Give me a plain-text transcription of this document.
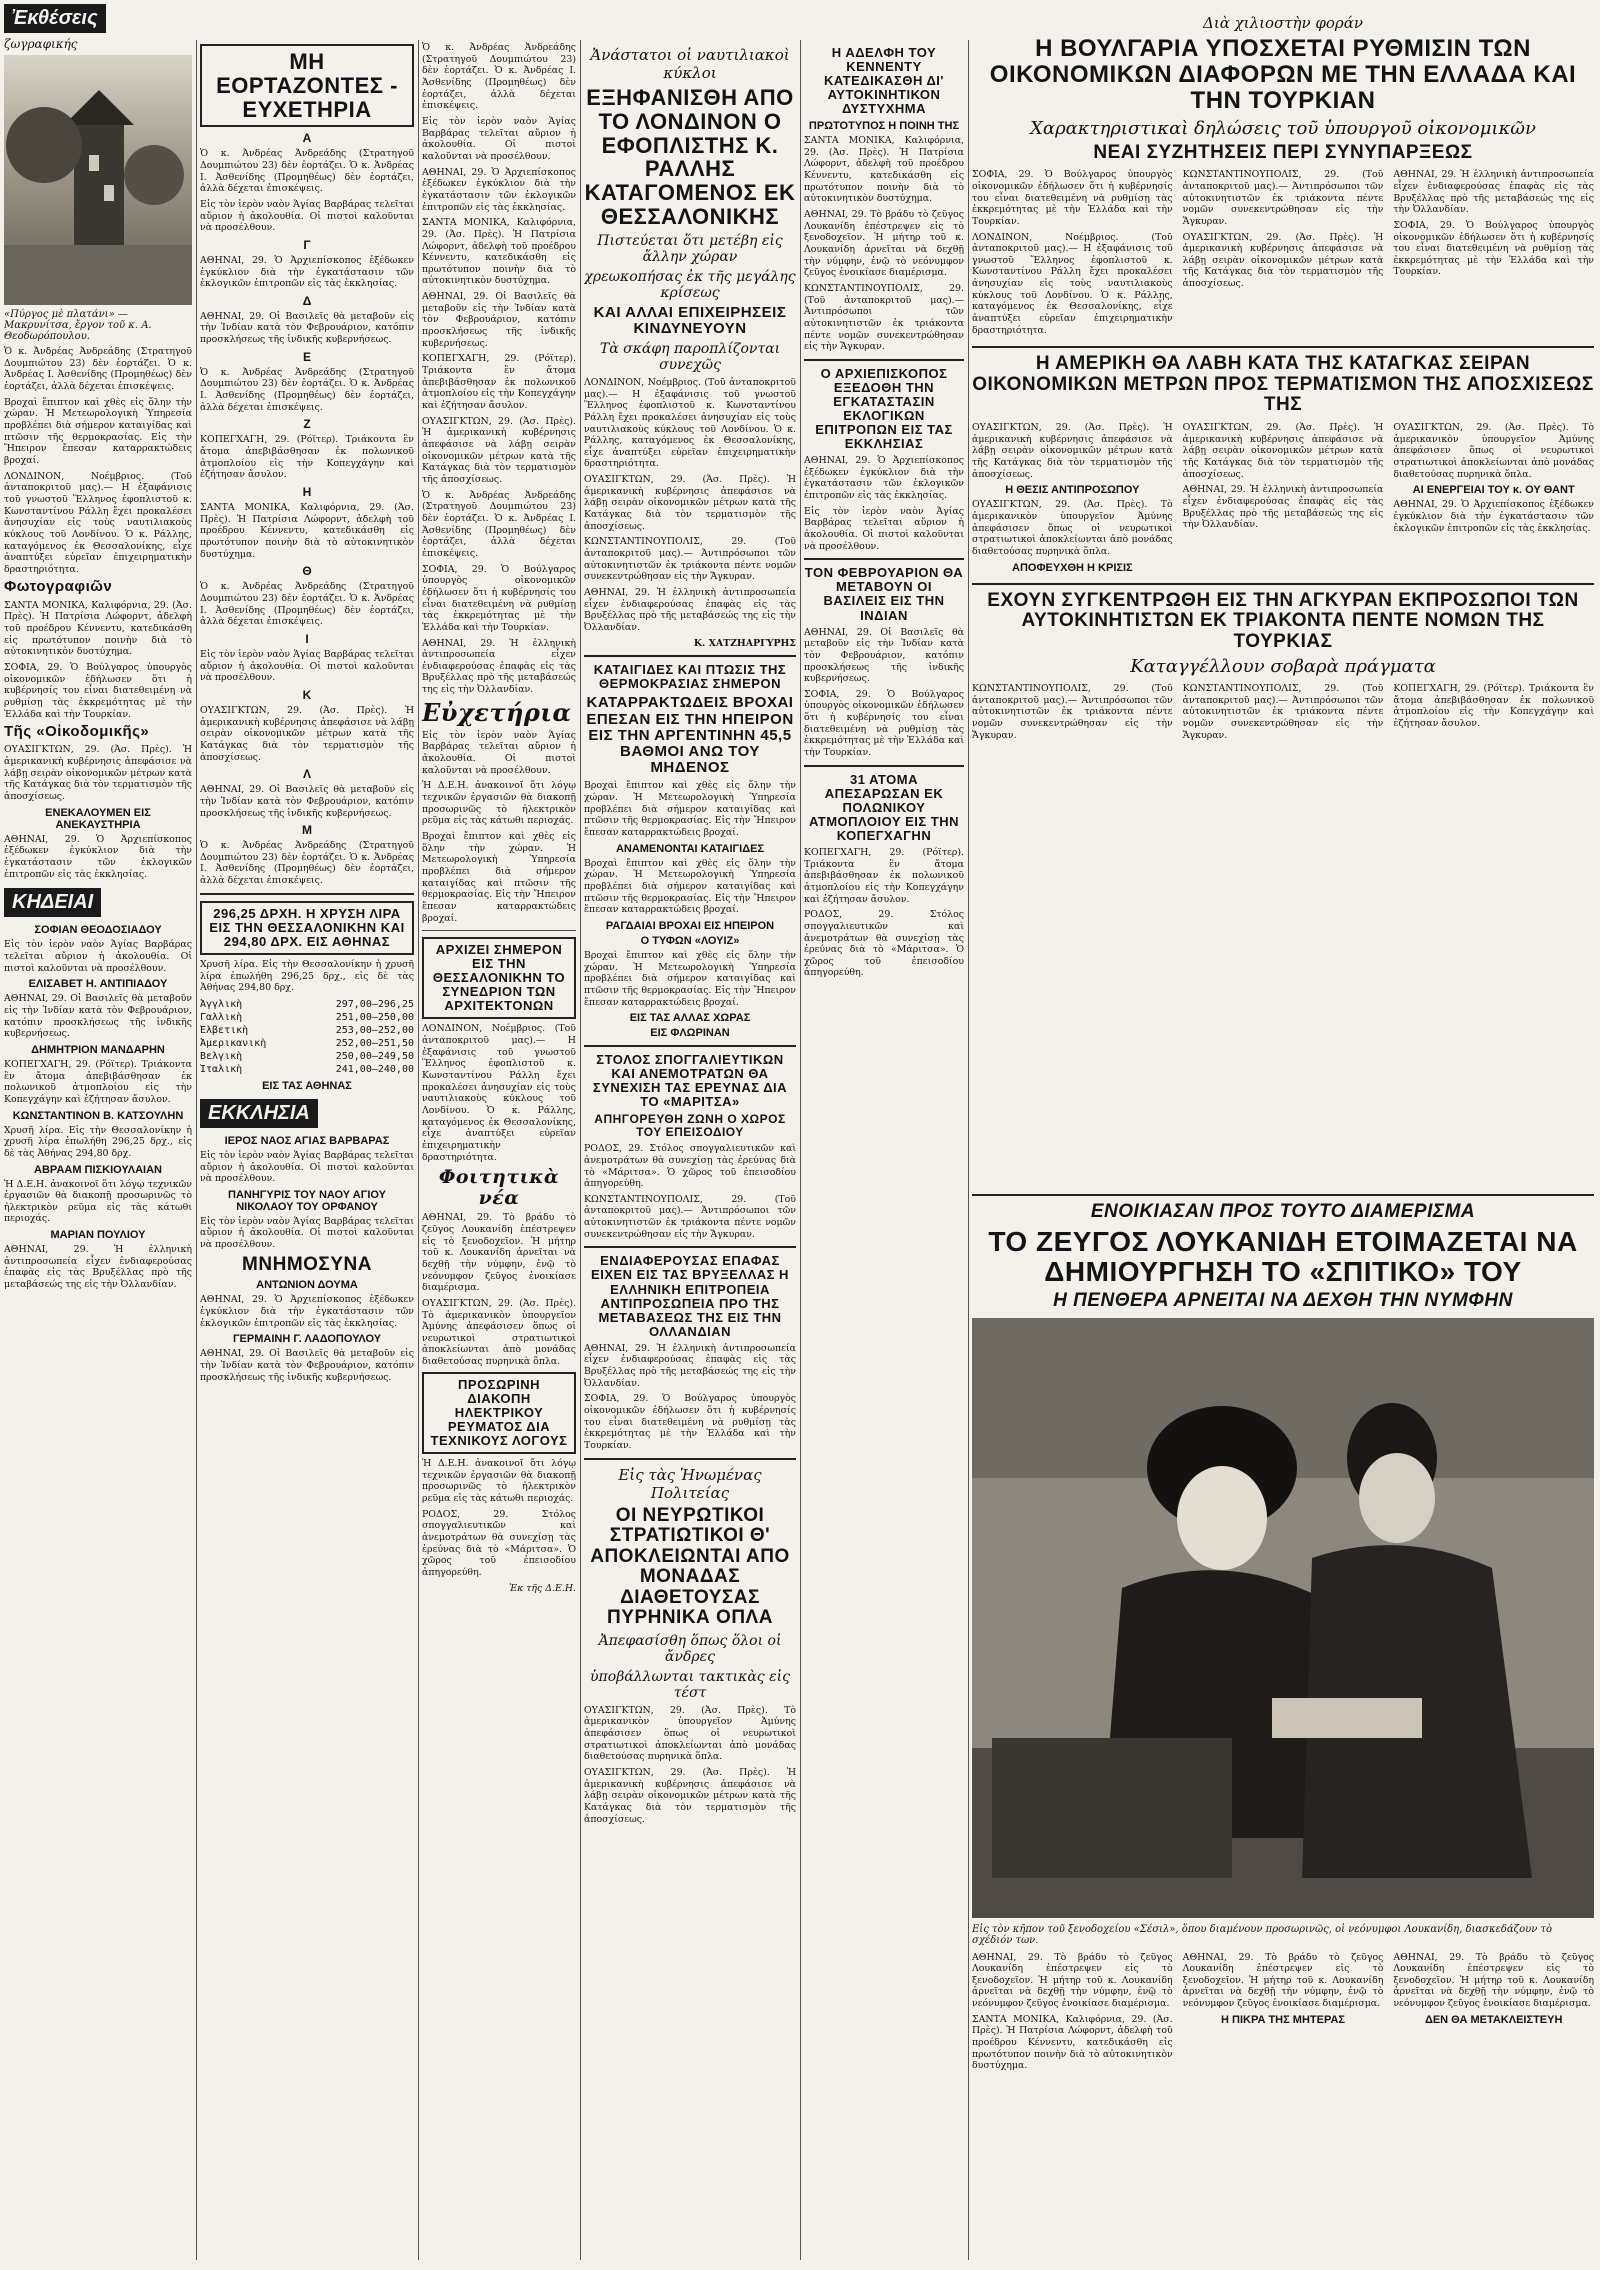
Ἐκθέσεις
ζωγραφικής
«Πύργος μὲ πλατάνι» — Μακρυνίτσα, ἔργον τοῦ κ. Α. Θεοδωρόπουλου.
Ὁ κ. Ἀνδρέας Ἀνδρεάδης (Στρατηγοῦ Δουμπιώτου 23) δὲν ἑορτάζει. Ὁ κ. Ἀνδρέας Ι. Ἀσθενίδης (Προμηθέως) δὲν ἑορτάζει, ἀλλὰ δέχεται ἐπισκέψεις.
Βροχαὶ ἔπιπτον καὶ χθὲς εἰς ὅλην τὴν χώραν. Ἡ Μετεωρολογικὴ Ὑπηρεσία προβλέπει διὰ σήμερον καταιγίδας καὶ πτῶσιν τῆς θερμοκρασίας. Εἰς τὴν Ἤπειρον ἔπεσαν καταρρακτώδεις βροχαί.
ΛΟΝΔΙΝΟΝ, Νοέμβριος. (Τοῦ ἀνταποκριτοῦ μας).— Η ἐξαφάνισις τοῦ γνωστοῦ Ἕλληνος ἐφοπλιστοῦ κ. Κωνσταντίνου Ράλλη ἔχει προκαλέσει ἀνησυχίαν εἰς τοὺς ναυτιλιακοὺς κύκλους τοῦ Λονδίνου. Ὁ κ. Ράλλης, καταγόμενος ἐκ Θεσσαλονίκης, εἶχε ἀναπτύξει εὐρεῖαν ἐπιχειρηματικὴν δραστηριότητα.
Φωτογραφιῶν
ΣΑΝΤΑ ΜΟΝΙΚΑ, Καλιφόρνια, 29. (Ἀσ. Πρὲς). Ἡ Πατρίσια Λώφορντ, ἀδελφὴ τοῦ προέδρου Κέννεντυ, κατεδικάσθη εἰς πρωτότυπον ποινὴν διὰ τὸ αὐτοκινητικὸν δυστύχημα.
ΣΟΦΙΑ, 29. Ὁ Βούλγαρος ὑπουργὸς οἰκονομικῶν ἐδήλωσεν ὅτι ἡ κυβέρνησίς του εἶναι διατεθειμένη νὰ ρυθμίσῃ τὰς ἐκκρεμότητας μὲ τὴν Ἑλλάδα καὶ τὴν Τουρκίαν.
Τῆς «Οἰκοδομικῆς»
ΟΥΑΣΙΓΚΤΩΝ, 29. (Ἀσ. Πρὲς). Ἡ ἀμερικανικὴ κυβέρνησις ἀπεφάσισε νὰ λάβῃ σειρὰν οἰκονομικῶν μέτρων κατὰ τῆς Κατάγκας διὰ τὸν τερματισμὸν τῆς ἀποσχίσεως.
ΕΝΕΚΑΛΟΥΜΕΝ ΕΙΣ ΑΝΕΚΑΥΣΤΗΡΙΑ
ΑΘΗΝΑΙ, 29. Ὁ Ἀρχιεπίσκοπος ἐξέδωκεν ἐγκύκλιον διὰ τὴν ἐγκατάστασιν τῶν ἐκλογικῶν ἐπιτροπῶν εἰς τὰς ἐκκλησίας.
ΚΗΔΕΙΑΙ
ΣΟΦΙΑΝ ΘΕΟΔΟΣΙΑΔΟΥ
Εἰς τὸν ἱερὸν ναὸν Ἁγίας Βαρβάρας τελεῖται αὔριον ἡ ἀκολουθία. Οἱ πιστοὶ καλοῦνται νὰ προσέλθουν.
ΕΛΙΣΑΒΕΤ Η. ΑΝΤΙΠΙΑΔΟΥ
ΑΘΗΝΑΙ, 29. Οἱ Βασιλεῖς θὰ μεταβοῦν εἰς τὴν Ἰνδίαν κατὰ τὸν Φεβρουάριον, κατόπιν προσκλήσεως τῆς ἰνδικῆς κυβερνήσεως.
ΔΗΜΗΤΡΙΟΝ ΜΑΝΔΑΡΗΝ
ΚΟΠΕΓΧΑΓΗ, 29. (Ρόϊτερ). Τριάκοντα ἓν ἄτομα ἀπεβιβάσθησαν ἐκ πολωνικοῦ ἀτμοπλοίου εἰς τὴν Κοπεγχάγην καὶ ἐζήτησαν ἄσυλον.
ΚΩΝΣΤΑΝΤΙΝΟΝ Β. ΚΑΤΣΟΥΛΗΝ
Χρυσῆ λίρα. Εἰς τὴν Θεσσαλονίκην ἡ χρυσῆ λίρα ἐπωλήθη 296,25 δρχ., εἰς δὲ τὰς Ἀθήνας 294,80 δρχ.
ΑΒΡΑΑΜ ΠΙΣΚΙΟΥΛΑΙΑΝ
Ἡ Δ.Ε.Η. ἀνακοινοῖ ὅτι λόγῳ τεχνικῶν ἐργασιῶν θὰ διακοπῇ προσωρινῶς τὸ ἠλεκτρικὸν ρεῦμα εἰς τὰς κάτωθι περιοχάς.
ΜΑΡΙΑΝ ΠΟΥΛΙΟΥ
ΑΘΗΝΑΙ, 29. Ἡ ἑλληνικὴ ἀντιπροσωπεία εἶχεν ἐνδιαφερούσας ἐπαφὰς εἰς τὰς Βρυξέλλας πρὸ τῆς μεταβάσεώς της εἰς τὴν Ὀλλανδίαν.
ΜΗ ΕΟΡΤΑΖΟΝΤΕΣ - ΕΥΧΕΤΗΡΙΑ
Α
Ὁ κ. Ἀνδρέας Ἀνδρεάδης (Στρατηγοῦ Δουμπιώτου 23) δὲν ἑορτάζει. Ὁ κ. Ἀνδρέας Ι. Ἀσθενίδης (Προμηθέως) δὲν ἑορτάζει, ἀλλὰ δέχεται ἐπισκέψεις.
Εἰς τὸν ἱερὸν ναὸν Ἁγίας Βαρβάρας τελεῖται αὔριον ἡ ἀκολουθία. Οἱ πιστοὶ καλοῦνται νὰ προσέλθουν.
Γ
ΑΘΗΝΑΙ, 29. Ὁ Ἀρχιεπίσκοπος ἐξέδωκεν ἐγκύκλιον διὰ τὴν ἐγκατάστασιν τῶν ἐκλογικῶν ἐπιτροπῶν εἰς τὰς ἐκκλησίας.
Δ
ΑΘΗΝΑΙ, 29. Οἱ Βασιλεῖς θὰ μεταβοῦν εἰς τὴν Ἰνδίαν κατὰ τὸν Φεβρουάριον, κατόπιν προσκλήσεως τῆς ἰνδικῆς κυβερνήσεως.
Ε
Ὁ κ. Ἀνδρέας Ἀνδρεάδης (Στρατηγοῦ Δουμπιώτου 23) δὲν ἑορτάζει. Ὁ κ. Ἀνδρέας Ι. Ἀσθενίδης (Προμηθέως) δὲν ἑορτάζει, ἀλλὰ δέχεται ἐπισκέψεις.
Ζ
ΚΟΠΕΓΧΑΓΗ, 29. (Ρόϊτερ). Τριάκοντα ἓν ἄτομα ἀπεβιβάσθησαν ἐκ πολωνικοῦ ἀτμοπλοίου εἰς τὴν Κοπεγχάγην καὶ ἐζήτησαν ἄσυλον.
Η
ΣΑΝΤΑ ΜΟΝΙΚΑ, Καλιφόρνια, 29. (Ἀσ. Πρὲς). Ἡ Πατρίσια Λώφορντ, ἀδελφὴ τοῦ προέδρου Κέννεντυ, κατεδικάσθη εἰς πρωτότυπον ποινὴν διὰ τὸ αὐτοκινητικὸν δυστύχημα.
Θ
Ὁ κ. Ἀνδρέας Ἀνδρεάδης (Στρατηγοῦ Δουμπιώτου 23) δὲν ἑορτάζει. Ὁ κ. Ἀνδρέας Ι. Ἀσθενίδης (Προμηθέως) δὲν ἑορτάζει, ἀλλὰ δέχεται ἐπισκέψεις.
Ι
Εἰς τὸν ἱερὸν ναὸν Ἁγίας Βαρβάρας τελεῖται αὔριον ἡ ἀκολουθία. Οἱ πιστοὶ καλοῦνται νὰ προσέλθουν.
Κ
ΟΥΑΣΙΓΚΤΩΝ, 29. (Ἀσ. Πρὲς). Ἡ ἀμερικανικὴ κυβέρνησις ἀπεφάσισε νὰ λάβῃ σειρὰν οἰκονομικῶν μέτρων κατὰ τῆς Κατάγκας διὰ τὸν τερματισμὸν τῆς ἀποσχίσεως.
Λ
ΑΘΗΝΑΙ, 29. Οἱ Βασιλεῖς θὰ μεταβοῦν εἰς τὴν Ἰνδίαν κατὰ τὸν Φεβρουάριον, κατόπιν προσκλήσεως τῆς ἰνδικῆς κυβερνήσεως.
Μ
Ὁ κ. Ἀνδρέας Ἀνδρεάδης (Στρατηγοῦ Δουμπιώτου 23) δὲν ἑορτάζει. Ὁ κ. Ἀνδρέας Ι. Ἀσθενίδης (Προμηθέως) δὲν ἑορτάζει, ἀλλὰ δέχεται ἐπισκέψεις.
296,25 ΔΡΧΗ. Η ΧΡΥΣΗ ΛΙΡΑ ΕΙΣ ΤΗΝ ΘΕΣΣΑΛΟΝΙΚΗΝ ΚΑΙ 294,80 ΔΡΧ. ΕΙΣ ΑΘΗΝΑΣ
Χρυσῆ λίρα. Εἰς τὴν Θεσσαλονίκην ἡ χρυσῆ λίρα ἐπωλήθη 296,25 δρχ., εἰς δὲ τὰς Ἀθήνας 294,80 δρχ.
Ἀγγλικὴ	297,00—296,25
Γαλλικὴ	251,00—250,00
Ἑλβετικὴ	253,00—252,00
Ἀμερικανικὴ	252,00—251,50
Βελγικὴ	250,00—249,50
Ἰταλικὴ	241,00—240,00
ΕΙΣ ΤΑΣ ΑΘΗΝΑΣ
ΕΚΚΛΗΣΙΑ
ΙΕΡΟΣ ΝΑΟΣ ΑΓΙΑΣ ΒΑΡΒΑΡΑΣ
Εἰς τὸν ἱερὸν ναὸν Ἁγίας Βαρβάρας τελεῖται αὔριον ἡ ἀκολουθία. Οἱ πιστοὶ καλοῦνται νὰ προσέλθουν.
ΠΑΝΗΓΥΡΙΣ ΤΟΥ ΝΑΟΥ ΑΓΙΟΥ ΝΙΚΟΛΑΟΥ ΤΟΥ ΟΡΦΑΝΟΥ
Εἰς τὸν ἱερὸν ναὸν Ἁγίας Βαρβάρας τελεῖται αὔριον ἡ ἀκολουθία. Οἱ πιστοὶ καλοῦνται νὰ προσέλθουν.
ΜΝΗΜΟΣΥΝΑ
ΑΝΤΩΝΙΟΝ ΔΟΥΜΑ
ΑΘΗΝΑΙ, 29. Ὁ Ἀρχιεπίσκοπος ἐξέδωκεν ἐγκύκλιον διὰ τὴν ἐγκατάστασιν τῶν ἐκλογικῶν ἐπιτροπῶν εἰς τὰς ἐκκλησίας.
ΓΕΡΜΑΙΝΗ Γ. ΛΑΔΟΠΟΥΛΟΥ
ΑΘΗΝΑΙ, 29. Οἱ Βασιλεῖς θὰ μεταβοῦν εἰς τὴν Ἰνδίαν κατὰ τὸν Φεβρουάριον, κατόπιν προσκλήσεως τῆς ἰνδικῆς κυβερνήσεως.
Ὁ κ. Ἀνδρέας Ἀνδρεάδης (Στρατηγοῦ Δουμπιώτου 23) δὲν ἑορτάζει. Ὁ κ. Ἀνδρέας Ι. Ἀσθενίδης (Προμηθέως) δὲν ἑορτάζει, ἀλλὰ δέχεται ἐπισκέψεις.
Εἰς τὸν ἱερὸν ναὸν Ἁγίας Βαρβάρας τελεῖται αὔριον ἡ ἀκολουθία. Οἱ πιστοὶ καλοῦνται νὰ προσέλθουν.
ΑΘΗΝΑΙ, 29. Ὁ Ἀρχιεπίσκοπος ἐξέδωκεν ἐγκύκλιον διὰ τὴν ἐγκατάστασιν τῶν ἐκλογικῶν ἐπιτροπῶν εἰς τὰς ἐκκλησίας.
ΣΑΝΤΑ ΜΟΝΙΚΑ, Καλιφόρνια, 29. (Ἀσ. Πρὲς). Ἡ Πατρίσια Λώφορντ, ἀδελφὴ τοῦ προέδρου Κέννεντυ, κατεδικάσθη εἰς πρωτότυπον ποινὴν διὰ τὸ αὐτοκινητικὸν δυστύχημα.
ΑΘΗΝΑΙ, 29. Οἱ Βασιλεῖς θὰ μεταβοῦν εἰς τὴν Ἰνδίαν κατὰ τὸν Φεβρουάριον, κατόπιν προσκλήσεως τῆς ἰνδικῆς κυβερνήσεως.
ΚΟΠΕΓΧΑΓΗ, 29. (Ρόϊτερ). Τριάκοντα ἓν ἄτομα ἀπεβιβάσθησαν ἐκ πολωνικοῦ ἀτμοπλοίου εἰς τὴν Κοπεγχάγην καὶ ἐζήτησαν ἄσυλον.
ΟΥΑΣΙΓΚΤΩΝ, 29. (Ἀσ. Πρὲς). Ἡ ἀμερικανικὴ κυβέρνησις ἀπεφάσισε νὰ λάβῃ σειρὰν οἰκονομικῶν μέτρων κατὰ τῆς Κατάγκας διὰ τὸν τερματισμὸν τῆς ἀποσχίσεως.
Ὁ κ. Ἀνδρέας Ἀνδρεάδης (Στρατηγοῦ Δουμπιώτου 23) δὲν ἑορτάζει. Ὁ κ. Ἀνδρέας Ι. Ἀσθενίδης (Προμηθέως) δὲν ἑορτάζει, ἀλλὰ δέχεται ἐπισκέψεις.
ΣΟΦΙΑ, 29. Ὁ Βούλγαρος ὑπουργὸς οἰκονομικῶν ἐδήλωσεν ὅτι ἡ κυβέρνησίς του εἶναι διατεθειμένη νὰ ρυθμίσῃ τὰς ἐκκρεμότητας μὲ τὴν Ἑλλάδα καὶ τὴν Τουρκίαν.
ΑΘΗΝΑΙ, 29. Ἡ ἑλληνικὴ ἀντιπροσωπεία εἶχεν ἐνδιαφερούσας ἐπαφὰς εἰς τὰς Βρυξέλλας πρὸ τῆς μεταβάσεώς της εἰς τὴν Ὀλλανδίαν.
Εὐχετήρια
Εἰς τὸν ἱερὸν ναὸν Ἁγίας Βαρβάρας τελεῖται αὔριον ἡ ἀκολουθία. Οἱ πιστοὶ καλοῦνται νὰ προσέλθουν.
Ἡ Δ.Ε.Η. ἀνακοινοῖ ὅτι λόγῳ τεχνικῶν ἐργασιῶν θὰ διακοπῇ προσωρινῶς τὸ ἠλεκτρικὸν ρεῦμα εἰς τὰς κάτωθι περιοχάς.
Βροχαὶ ἔπιπτον καὶ χθὲς εἰς ὅλην τὴν χώραν. Ἡ Μετεωρολογικὴ Ὑπηρεσία προβλέπει διὰ σήμερον καταιγίδας καὶ πτῶσιν τῆς θερμοκρασίας. Εἰς τὴν Ἤπειρον ἔπεσαν καταρρακτώδεις βροχαί.
ΑΡΧΙΖΕΙ ΣΗΜΕΡΟΝ ΕΙΣ ΤΗΝ ΘΕΣΣΑΛΟΝΙΚΗΝ ΤΟ ΣΥΝΕΔΡΙΟΝ ΤΩΝ ΑΡΧΙΤΕΚΤΟΝΩΝ
ΛΟΝΔΙΝΟΝ, Νοέμβριος. (Τοῦ ἀνταποκριτοῦ μας).— Η ἐξαφάνισις τοῦ γνωστοῦ Ἕλληνος ἐφοπλιστοῦ κ. Κωνσταντίνου Ράλλη ἔχει προκαλέσει ἀνησυχίαν εἰς τοὺς ναυτιλιακοὺς κύκλους τοῦ Λονδίνου. Ὁ κ. Ράλλης, καταγόμενος ἐκ Θεσσαλονίκης, εἶχε ἀναπτύξει εὐρεῖαν ἐπιχειρηματικὴν δραστηριότητα.
Φοιτητικὰ νέα
ΑΘΗΝΑΙ, 29. Τὸ βράδυ τὸ ζεῦγος Λουκανίδη ἐπέστρεψεν εἰς τὸ ξενοδοχεῖον. Ἡ μήτηρ τοῦ κ. Λουκανίδη ἀρνεῖται νὰ δεχθῇ τὴν νύμφην, ἐνῷ τὸ νεόνυμφον ζεῦγος ἐνοικίασε διαμέρισμα.
ΟΥΑΣΙΓΚΤΩΝ, 29. (Ἀσ. Πρὲς). Τὸ ἀμερικανικὸν ὑπουργεῖον Ἀμύνης ἀπεφάσισεν ὅπως οἱ νευρωτικοὶ στρατιωτικοὶ ἀποκλείωνται ἀπὸ μονάδας διαθετούσας πυρηνικὰ ὅπλα.
ΠΡΟΣΩΡΙΝΗ ΔΙΑΚΟΠΗ ΗΛΕΚΤΡΙΚΟΥ ΡΕΥΜΑΤΟΣ ΔΙΑ ΤΕΧΝΙΚΟΥΣ ΛΟΓΟΥΣ
Ἡ Δ.Ε.Η. ἀνακοινοῖ ὅτι λόγῳ τεχνικῶν ἐργασιῶν θὰ διακοπῇ προσωρινῶς τὸ ἠλεκτρικὸν ρεῦμα εἰς τὰς κάτωθι περιοχάς.
ΡΟΔΟΣ, 29. Στόλος σπογγαλιευτικῶν καὶ ἀνεμοτράτων θὰ συνεχίσῃ τὰς ἐρεύνας διὰ τὸ «Μάριτσα». Ὁ χῶρος τοῦ ἐπεισοδίου ἀπηγορεύθη.
Ἐκ τῆς Δ.Ε.Η.
Ἀνάστατοι οἱ ναυτιλιακοὶ κύκλοι
ΕΞΗΦΑΝΙΣΘΗ ΑΠΟ ΤΟ ΛΟΝΔΙΝΟΝ Ο ΕΦΟΠΛΙΣΤΗΣ Κ. ΡΑΛΛΗΣ ΚΑΤΑΓΟΜΕΝΟΣ ΕΚ ΘΕΣΣΑΛΟΝΙΚΗΣ
Πιστεύεται ὅτι μετέβη εἰς ἄλλην χώραν
χρεωκοπήσας ἐκ τῆς μεγάλης κρίσεως
ΚΑΙ ΑΛΛΑΙ ΕΠΙΧΕΙΡΗΣΕΙΣ ΚΙΝΔΥΝΕΥΟΥΝ
Τὰ σκάφη παροπλίζονται συνεχῶς
ΛΟΝΔΙΝΟΝ, Νοέμβριος. (Τοῦ ἀνταποκριτοῦ μας).— Η ἐξαφάνισις τοῦ γνωστοῦ Ἕλληνος ἐφοπλιστοῦ κ. Κωνσταντίνου Ράλλη ἔχει προκαλέσει ἀνησυχίαν εἰς τοὺς ναυτιλιακοὺς κύκλους τοῦ Λονδίνου. Ὁ κ. Ράλλης, καταγόμενος ἐκ Θεσσαλονίκης, εἶχε ἀναπτύξει εὐρεῖαν ἐπιχειρηματικὴν δραστηριότητα.
ΟΥΑΣΙΓΚΤΩΝ, 29. (Ἀσ. Πρὲς). Ἡ ἀμερικανικὴ κυβέρνησις ἀπεφάσισε νὰ λάβῃ σειρὰν οἰκονομικῶν μέτρων κατὰ τῆς Κατάγκας διὰ τὸν τερματισμὸν τῆς ἀποσχίσεως.
ΚΩΝΣΤΑΝΤΙΝΟΥΠΟΛΙΣ, 29. (Τοῦ ἀνταποκριτοῦ μας).— Ἀντιπρόσωποι τῶν αὐτοκινητιστῶν ἐκ τριάκοντα πέντε νομῶν συνεκεντρώθησαν εἰς τὴν Ἄγκυραν.
ΑΘΗΝΑΙ, 29. Ἡ ἑλληνικὴ ἀντιπροσωπεία εἶχεν ἐνδιαφερούσας ἐπαφὰς εἰς τὰς Βρυξέλλας πρὸ τῆς μεταβάσεώς της εἰς τὴν Ὀλλανδίαν.
Κ. ΧΑΤΖΗΑΡΓΥΡΗΣ
ΚΑΤΑΙΓΙΔΕΣ ΚΑΙ ΠΤΩΣΙΣ ΤΗΣ ΘΕΡΜΟΚΡΑΣΙΑΣ ΣΗΜΕΡΟΝ
ΚΑΤΑΡΡΑΚΤΩΔΕΙΣ ΒΡΟΧΑΙ ΕΠΕΣΑΝ ΕΙΣ ΤΗΝ ΗΠΕΙΡΟΝ ΕΙΣ ΤΗΝ ΑΡΓΕΝΤΙΝΗΝ 45,5 ΒΑΘΜΟΙ ΑΝΩ ΤΟΥ ΜΗΔΕΝΟΣ
Βροχαὶ ἔπιπτον καὶ χθὲς εἰς ὅλην τὴν χώραν. Ἡ Μετεωρολογικὴ Ὑπηρεσία προβλέπει διὰ σήμερον καταιγίδας καὶ πτῶσιν τῆς θερμοκρασίας. Εἰς τὴν Ἤπειρον ἔπεσαν καταρρακτώδεις βροχαί.
ΑΝΑΜΕΝΟΝΤΑΙ ΚΑΤΑΙΓΙΔΕΣ
Βροχαὶ ἔπιπτον καὶ χθὲς εἰς ὅλην τὴν χώραν. Ἡ Μετεωρολογικὴ Ὑπηρεσία προβλέπει διὰ σήμερον καταιγίδας καὶ πτῶσιν τῆς θερμοκρασίας. Εἰς τὴν Ἤπειρον ἔπεσαν καταρρακτώδεις βροχαί.
ΡΑΓΔΑΙΑΙ ΒΡΟΧΑΙ ΕΙΣ ΗΠΕΙΡΟΝ
Ο ΤΥΦΩΝ «ΛΟΥΙΖ»
Βροχαὶ ἔπιπτον καὶ χθὲς εἰς ὅλην τὴν χώραν. Ἡ Μετεωρολογικὴ Ὑπηρεσία προβλέπει διὰ σήμερον καταιγίδας καὶ πτῶσιν τῆς θερμοκρασίας. Εἰς τὴν Ἤπειρον ἔπεσαν καταρρακτώδεις βροχαί.
ΕΙΣ ΤΑΣ ΑΛΛΑΣ ΧΩΡΑΣ
ΕΙΣ ΦΛΩΡΙΝΑΝ
ΣΤΟΛΟΣ ΣΠΟΓΓΑΛΙΕΥΤΙΚΩΝ ΚΑΙ ΑΝΕΜΟΤΡΑΤΩΝ ΘΑ ΣΥΝΕΧΙΣΗ ΤΑΣ ΕΡΕΥΝΑΣ ΔΙΑ ΤΟ «ΜΑΡΙΤΣΑ»
ΑΠΗΓΟΡΕΥΘΗ ΖΩΝΗ Ο ΧΩΡΟΣ ΤΟΥ ΕΠΕΙΣΟΔΙΟΥ
ΡΟΔΟΣ, 29. Στόλος σπογγαλιευτικῶν καὶ ἀνεμοτράτων θὰ συνεχίσῃ τὰς ἐρεύνας διὰ τὸ «Μάριτσα». Ὁ χῶρος τοῦ ἐπεισοδίου ἀπηγορεύθη.
ΚΩΝΣΤΑΝΤΙΝΟΥΠΟΛΙΣ, 29. (Τοῦ ἀνταποκριτοῦ μας).— Ἀντιπρόσωποι τῶν αὐτοκινητιστῶν ἐκ τριάκοντα πέντε νομῶν συνεκεντρώθησαν εἰς τὴν Ἄγκυραν.
ΕΝΔΙΑΦΕΡΟΥΣΑΣ ΕΠΑΦΑΣ ΕΙΧΕΝ ΕΙΣ ΤΑΣ ΒΡΥΞΕΛΛΑΣ Η ΕΛΛΗΝΙΚΗ ΕΠΙΤΡΟΠΕΙΑ ΑΝΤΙΠΡΟΣΩΠΕΙΑ ΠΡΟ ΤΗΣ ΜΕΤΑΒΑΣΕΩΣ ΤΗΣ ΕΙΣ ΤΗΝ ΟΛΛΑΝΔΙΑΝ
ΑΘΗΝΑΙ, 29. Ἡ ἑλληνικὴ ἀντιπροσωπεία εἶχεν ἐνδιαφερούσας ἐπαφὰς εἰς τὰς Βρυξέλλας πρὸ τῆς μεταβάσεώς της εἰς τὴν Ὀλλανδίαν.
ΣΟΦΙΑ, 29. Ὁ Βούλγαρος ὑπουργὸς οἰκονομικῶν ἐδήλωσεν ὅτι ἡ κυβέρνησίς του εἶναι διατεθειμένη νὰ ρυθμίσῃ τὰς ἐκκρεμότητας μὲ τὴν Ἑλλάδα καὶ τὴν Τουρκίαν.
Εἰς τὰς Ἡνωμένας Πολιτείας
ΟΙ ΝΕΥΡΩΤΙΚΟΙ ΣΤΡΑΤΙΩΤΙΚΟΙ Θ' ΑΠΟΚΛΕΙΩΝΤΑΙ ΑΠΟ ΜΟΝΑΔΑΣ ΔΙΑΘΕΤΟΥΣΑΣ ΠΥΡΗΝΙΚΑ ΟΠΛΑ
Ἀπεφασίσθη ὅπως ὅλοι οἱ ἄνδρες
ὑποβάλλωνται τακτικὰς εἰς τέστ
ΟΥΑΣΙΓΚΤΩΝ, 29. (Ἀσ. Πρὲς). Τὸ ἀμερικανικὸν ὑπουργεῖον Ἀμύνης ἀπεφάσισεν ὅπως οἱ νευρωτικοὶ στρατιωτικοὶ ἀποκλείωνται ἀπὸ μονάδας διαθετούσας πυρηνικὰ ὅπλα.
ΟΥΑΣΙΓΚΤΩΝ, 29. (Ἀσ. Πρὲς). Ἡ ἀμερικανικὴ κυβέρνησις ἀπεφάσισε νὰ λάβῃ σειρὰν οἰκονομικῶν μέτρων κατὰ τῆς Κατάγκας διὰ τὸν τερματισμὸν τῆς ἀποσχίσεως.
Η ΑΔΕΛΦΗ ΤΟΥ ΚΕΝΝΕΝΤΥ ΚΑΤΕΔΙΚΑΣΘΗ ΔΙ' ΑΥΤΟΚΙΝΗΤΙΚΟΝ ΔΥΣΤΥΧΗΜΑ
ΠΡΩΤΟΤΥΠΟΣ Η ΠΟΙΝΗ ΤΗΣ
ΣΑΝΤΑ ΜΟΝΙΚΑ, Καλιφόρνια, 29. (Ἀσ. Πρὲς). Ἡ Πατρίσια Λώφορντ, ἀδελφὴ τοῦ προέδρου Κέννεντυ, κατεδικάσθη εἰς πρωτότυπον ποινὴν διὰ τὸ αὐτοκινητικὸν δυστύχημα.
ΑΘΗΝΑΙ, 29. Τὸ βράδυ τὸ ζεῦγος Λουκανίδη ἐπέστρεψεν εἰς τὸ ξενοδοχεῖον. Ἡ μήτηρ τοῦ κ. Λουκανίδη ἀρνεῖται νὰ δεχθῇ τὴν νύμφην, ἐνῷ τὸ νεόνυμφον ζεῦγος ἐνοικίασε διαμέρισμα.
ΚΩΝΣΤΑΝΤΙΝΟΥΠΟΛΙΣ, 29. (Τοῦ ἀνταποκριτοῦ μας).— Ἀντιπρόσωποι τῶν αὐτοκινητιστῶν ἐκ τριάκοντα πέντε νομῶν συνεκεντρώθησαν εἰς τὴν Ἄγκυραν.
Ο ΑΡΧΙΕΠΙΣΚΟΠΟΣ ΕΞΕΔΟΘΗ ΤΗΝ ΕΓΚΑΤΑΣΤΑΣΙΝ ΕΚΛΟΓΙΚΩΝ ΕΠΙΤΡΟΠΩΝ ΕΙΣ ΤΑΣ ΕΚΚΛΗΣΙΑΣ
ΑΘΗΝΑΙ, 29. Ὁ Ἀρχιεπίσκοπος ἐξέδωκεν ἐγκύκλιον διὰ τὴν ἐγκατάστασιν τῶν ἐκλογικῶν ἐπιτροπῶν εἰς τὰς ἐκκλησίας.
Εἰς τὸν ἱερὸν ναὸν Ἁγίας Βαρβάρας τελεῖται αὔριον ἡ ἀκολουθία. Οἱ πιστοὶ καλοῦνται νὰ προσέλθουν.
ΤΟΝ ΦΕΒΡΟΥΑΡΙΟΝ ΘΑ ΜΕΤΑΒΟΥΝ ΟΙ ΒΑΣΙΛΕΙΣ ΕΙΣ ΤΗΝ ΙΝΔΙΑΝ
ΑΘΗΝΑΙ, 29. Οἱ Βασιλεῖς θὰ μεταβοῦν εἰς τὴν Ἰνδίαν κατὰ τὸν Φεβρουάριον, κατόπιν προσκλήσεως τῆς ἰνδικῆς κυβερνήσεως.
ΣΟΦΙΑ, 29. Ὁ Βούλγαρος ὑπουργὸς οἰκονομικῶν ἐδήλωσεν ὅτι ἡ κυβέρνησίς του εἶναι διατεθειμένη νὰ ρυθμίσῃ τὰς ἐκκρεμότητας μὲ τὴν Ἑλλάδα καὶ τὴν Τουρκίαν.
31 ΑΤΟΜΑ ΑΠΕΣΑΡΩΣΑΝ ΕΚ ΠΟΛΩΝΙΚΟΥ ΑΤΜΟΠΛΟΙΟΥ ΕΙΣ ΤΗΝ ΚΟΠΕΓΧΑΓΗΝ
ΚΟΠΕΓΧΑΓΗ, 29. (Ρόϊτερ). Τριάκοντα ἓν ἄτομα ἀπεβιβάσθησαν ἐκ πολωνικοῦ ἀτμοπλοίου εἰς τὴν Κοπεγχάγην καὶ ἐζήτησαν ἄσυλον.
ΡΟΔΟΣ, 29. Στόλος σπογγαλιευτικῶν καὶ ἀνεμοτράτων θὰ συνεχίσῃ τὰς ἐρεύνας διὰ τὸ «Μάριτσα». Ὁ χῶρος τοῦ ἐπεισοδίου ἀπηγορεύθη.
Διὰ χιλιοστὴν φοράν
Η ΒΟΥΛΓΑΡΙΑ ΥΠΟΣΧΕΤΑΙ ΡΥΘΜΙΣΙΝ ΤΩΝ ΟΙΚΟΝΟΜΙΚΩΝ ΔΙΑΦΟΡΩΝ ΜΕ ΤΗΝ ΕΛΛΑΔΑ ΚΑΙ ΤΗΝ ΤΟΥΡΚΙΑΝ
Χαρακτηριστικαὶ δηλώσεις τοῦ ὑπουργοῦ οἰκονομικῶν
ΝΕΑΙ ΣΥΖΗΤΗΣΕΙΣ ΠΕΡΙ ΣΥΝΥΠΑΡΞΕΩΣ
ΣΟΦΙΑ, 29. Ὁ Βούλγαρος ὑπουργὸς οἰκονομικῶν ἐδήλωσεν ὅτι ἡ κυβέρνησίς του εἶναι διατεθειμένη νὰ ρυθμίσῃ τὰς ἐκκρεμότητας μὲ τὴν Ἑλλάδα καὶ τὴν Τουρκίαν.
ΛΟΝΔΙΝΟΝ, Νοέμβριος. (Τοῦ ἀνταποκριτοῦ μας).— Η ἐξαφάνισις τοῦ γνωστοῦ Ἕλληνος ἐφοπλιστοῦ κ. Κωνσταντίνου Ράλλη ἔχει προκαλέσει ἀνησυχίαν εἰς τοὺς ναυτιλιακοὺς κύκλους τοῦ Λονδίνου. Ὁ κ. Ράλλης, καταγόμενος ἐκ Θεσσαλονίκης, εἶχε ἀναπτύξει εὐρεῖαν ἐπιχειρηματικὴν δραστηριότητα.
ΚΩΝΣΤΑΝΤΙΝΟΥΠΟΛΙΣ, 29. (Τοῦ ἀνταποκριτοῦ μας).— Ἀντιπρόσωποι τῶν αὐτοκινητιστῶν ἐκ τριάκοντα πέντε νομῶν συνεκεντρώθησαν εἰς τὴν Ἄγκυραν.
ΟΥΑΣΙΓΚΤΩΝ, 29. (Ἀσ. Πρὲς). Ἡ ἀμερικανικὴ κυβέρνησις ἀπεφάσισε νὰ λάβῃ σειρὰν οἰκονομικῶν μέτρων κατὰ τῆς Κατάγκας διὰ τὸν τερματισμὸν τῆς ἀποσχίσεως.
ΑΘΗΝΑΙ, 29. Ἡ ἑλληνικὴ ἀντιπροσωπεία εἶχεν ἐνδιαφερούσας ἐπαφὰς εἰς τὰς Βρυξέλλας πρὸ τῆς μεταβάσεώς της εἰς τὴν Ὀλλανδίαν.
ΣΟΦΙΑ, 29. Ὁ Βούλγαρος ὑπουργὸς οἰκονομικῶν ἐδήλωσεν ὅτι ἡ κυβέρνησίς του εἶναι διατεθειμένη νὰ ρυθμίσῃ τὰς ἐκκρεμότητας μὲ τὴν Ἑλλάδα καὶ τὴν Τουρκίαν.
Η ΑΜΕΡΙΚΗ ΘΑ ΛΑΒΗ ΚΑΤΑ ΤΗΣ ΚΑΤΑΓΚΑΣ ΣΕΙΡΑΝ ΟΙΚΟΝΟΜΙΚΩΝ ΜΕΤΡΩΝ ΠΡΟΣ ΤΕΡΜΑΤΙΣΜΟΝ ΤΗΣ ΑΠΟΣΧΙΣΕΩΣ ΤΗΣ
ΟΥΑΣΙΓΚΤΩΝ, 29. (Ἀσ. Πρὲς). Ἡ ἀμερικανικὴ κυβέρνησις ἀπεφάσισε νὰ λάβῃ σειρὰν οἰκονομικῶν μέτρων κατὰ τῆς Κατάγκας διὰ τὸν τερματισμὸν τῆς ἀποσχίσεως.
Η ΘΕΣΙΣ ΑΝΤΙΠΡΟΣΩΠΟΥ
ΟΥΑΣΙΓΚΤΩΝ, 29. (Ἀσ. Πρὲς). Τὸ ἀμερικανικὸν ὑπουργεῖον Ἀμύνης ἀπεφάσισεν ὅπως οἱ νευρωτικοὶ στρατιωτικοὶ ἀποκλείωνται ἀπὸ μονάδας διαθετούσας πυρηνικὰ ὅπλα.
ΑΠΟΦΕΥΧΘΗ Η ΚΡΙΣΙΣ
ΟΥΑΣΙΓΚΤΩΝ, 29. (Ἀσ. Πρὲς). Ἡ ἀμερικανικὴ κυβέρνησις ἀπεφάσισε νὰ λάβῃ σειρὰν οἰκονομικῶν μέτρων κατὰ τῆς Κατάγκας διὰ τὸν τερματισμὸν τῆς ἀποσχίσεως.
ΑΘΗΝΑΙ, 29. Ἡ ἑλληνικὴ ἀντιπροσωπεία εἶχεν ἐνδιαφερούσας ἐπαφὰς εἰς τὰς Βρυξέλλας πρὸ τῆς μεταβάσεώς της εἰς τὴν Ὀλλανδίαν.
ΟΥΑΣΙΓΚΤΩΝ, 29. (Ἀσ. Πρὲς). Τὸ ἀμερικανικὸν ὑπουργεῖον Ἀμύνης ἀπεφάσισεν ὅπως οἱ νευρωτικοὶ στρατιωτικοὶ ἀποκλείωνται ἀπὸ μονάδας διαθετούσας πυρηνικὰ ὅπλα.
ΑΙ ΕΝΕΡΓΕΙΑΙ ΤΟΥ κ. ΟΥ ΘΑΝΤ
ΑΘΗΝΑΙ, 29. Ὁ Ἀρχιεπίσκοπος ἐξέδωκεν ἐγκύκλιον διὰ τὴν ἐγκατάστασιν τῶν ἐκλογικῶν ἐπιτροπῶν εἰς τὰς ἐκκλησίας.
ΕΧΟΥΝ ΣΥΓΚΕΝΤΡΩΘΗ ΕΙΣ ΤΗΝ ΑΓΚΥΡΑΝ ΕΚΠΡΟΣΩΠΟΙ ΤΩΝ ΑΥΤΟΚΙΝΗΤΙΣΤΩΝ ΕΚ ΤΡΙΑΚΟΝΤΑ ΠΕΝΤΕ ΝΟΜΩΝ ΤΗΣ ΤΟΥΡΚΙΑΣ
Καταγγέλλουν σοβαρὰ πράγματα
ΚΩΝΣΤΑΝΤΙΝΟΥΠΟΛΙΣ, 29. (Τοῦ ἀνταποκριτοῦ μας).— Ἀντιπρόσωποι τῶν αὐτοκινητιστῶν ἐκ τριάκοντα πέντε νομῶν συνεκεντρώθησαν εἰς τὴν Ἄγκυραν.
ΚΩΝΣΤΑΝΤΙΝΟΥΠΟΛΙΣ, 29. (Τοῦ ἀνταποκριτοῦ μας).— Ἀντιπρόσωποι τῶν αὐτοκινητιστῶν ἐκ τριάκοντα πέντε νομῶν συνεκεντρώθησαν εἰς τὴν Ἄγκυραν.
ΚΟΠΕΓΧΑΓΗ, 29. (Ρόϊτερ). Τριάκοντα ἓν ἄτομα ἀπεβιβάσθησαν ἐκ πολωνικοῦ ἀτμοπλοίου εἰς τὴν Κοπεγχάγην καὶ ἐζήτησαν ἄσυλον.
ΕΝΟΙΚΙΑΣΑΝ ΠΡΟΣ ΤΟΥΤΟ ΔΙΑΜΕΡΙΣΜΑ
ΤΟ ΖΕΥΓΟΣ ΛΟΥΚΑΝΙΔΗ ΕΤΟΙΜΑΖΕΤΑΙ ΝΑ ΔΗΜΙΟΥΡΓΗΣΗ ΤΟ «ΣΠΙΤΙΚΟ» ΤΟΥ
Η ΠΕΝΘΕΡΑ ΑΡΝΕΙΤΑΙ ΝΑ ΔΕΧΘΗ ΤΗΝ ΝΥΜΦΗΝ
Εἰς τὸν κῆπον τοῦ ξενοδοχείου «Σέσιλ», ὅπου διαμένουν προσωρινῶς, οἱ νεόνυμφοι Λουκανίδη, διασκεδάζουν τὸ σχέδιόν των.
ΑΘΗΝΑΙ, 29. Τὸ βράδυ τὸ ζεῦγος Λουκανίδη ἐπέστρεψεν εἰς τὸ ξενοδοχεῖον. Ἡ μήτηρ τοῦ κ. Λουκανίδη ἀρνεῖται νὰ δεχθῇ τὴν νύμφην, ἐνῷ τὸ νεόνυμφον ζεῦγος ἐνοικίασε διαμέρισμα.
ΣΑΝΤΑ ΜΟΝΙΚΑ, Καλιφόρνια, 29. (Ἀσ. Πρὲς). Ἡ Πατρίσια Λώφορντ, ἀδελφὴ τοῦ προέδρου Κέννεντυ, κατεδικάσθη εἰς πρωτότυπον ποινὴν διὰ τὸ αὐτοκινητικὸν δυστύχημα.
ΑΘΗΝΑΙ, 29. Τὸ βράδυ τὸ ζεῦγος Λουκανίδη ἐπέστρεψεν εἰς τὸ ξενοδοχεῖον. Ἡ μήτηρ τοῦ κ. Λουκανίδη ἀρνεῖται νὰ δεχθῇ τὴν νύμφην, ἐνῷ τὸ νεόνυμφον ζεῦγος ἐνοικίασε διαμέρισμα.
Η ΠΙΚΡΑ ΤΗΣ ΜΗΤΕΡΑΣ
ΑΘΗΝΑΙ, 29. Τὸ βράδυ τὸ ζεῦγος Λουκανίδη ἐπέστρεψεν εἰς τὸ ξενοδοχεῖον. Ἡ μήτηρ τοῦ κ. Λουκανίδη ἀρνεῖται νὰ δεχθῇ τὴν νύμφην, ἐνῷ τὸ νεόνυμφον ζεῦγος ἐνοικίασε διαμέρισμα.
ΔΕΝ ΘΑ ΜΕΤΑΚΛΕΙΣΤΕΥΗ
